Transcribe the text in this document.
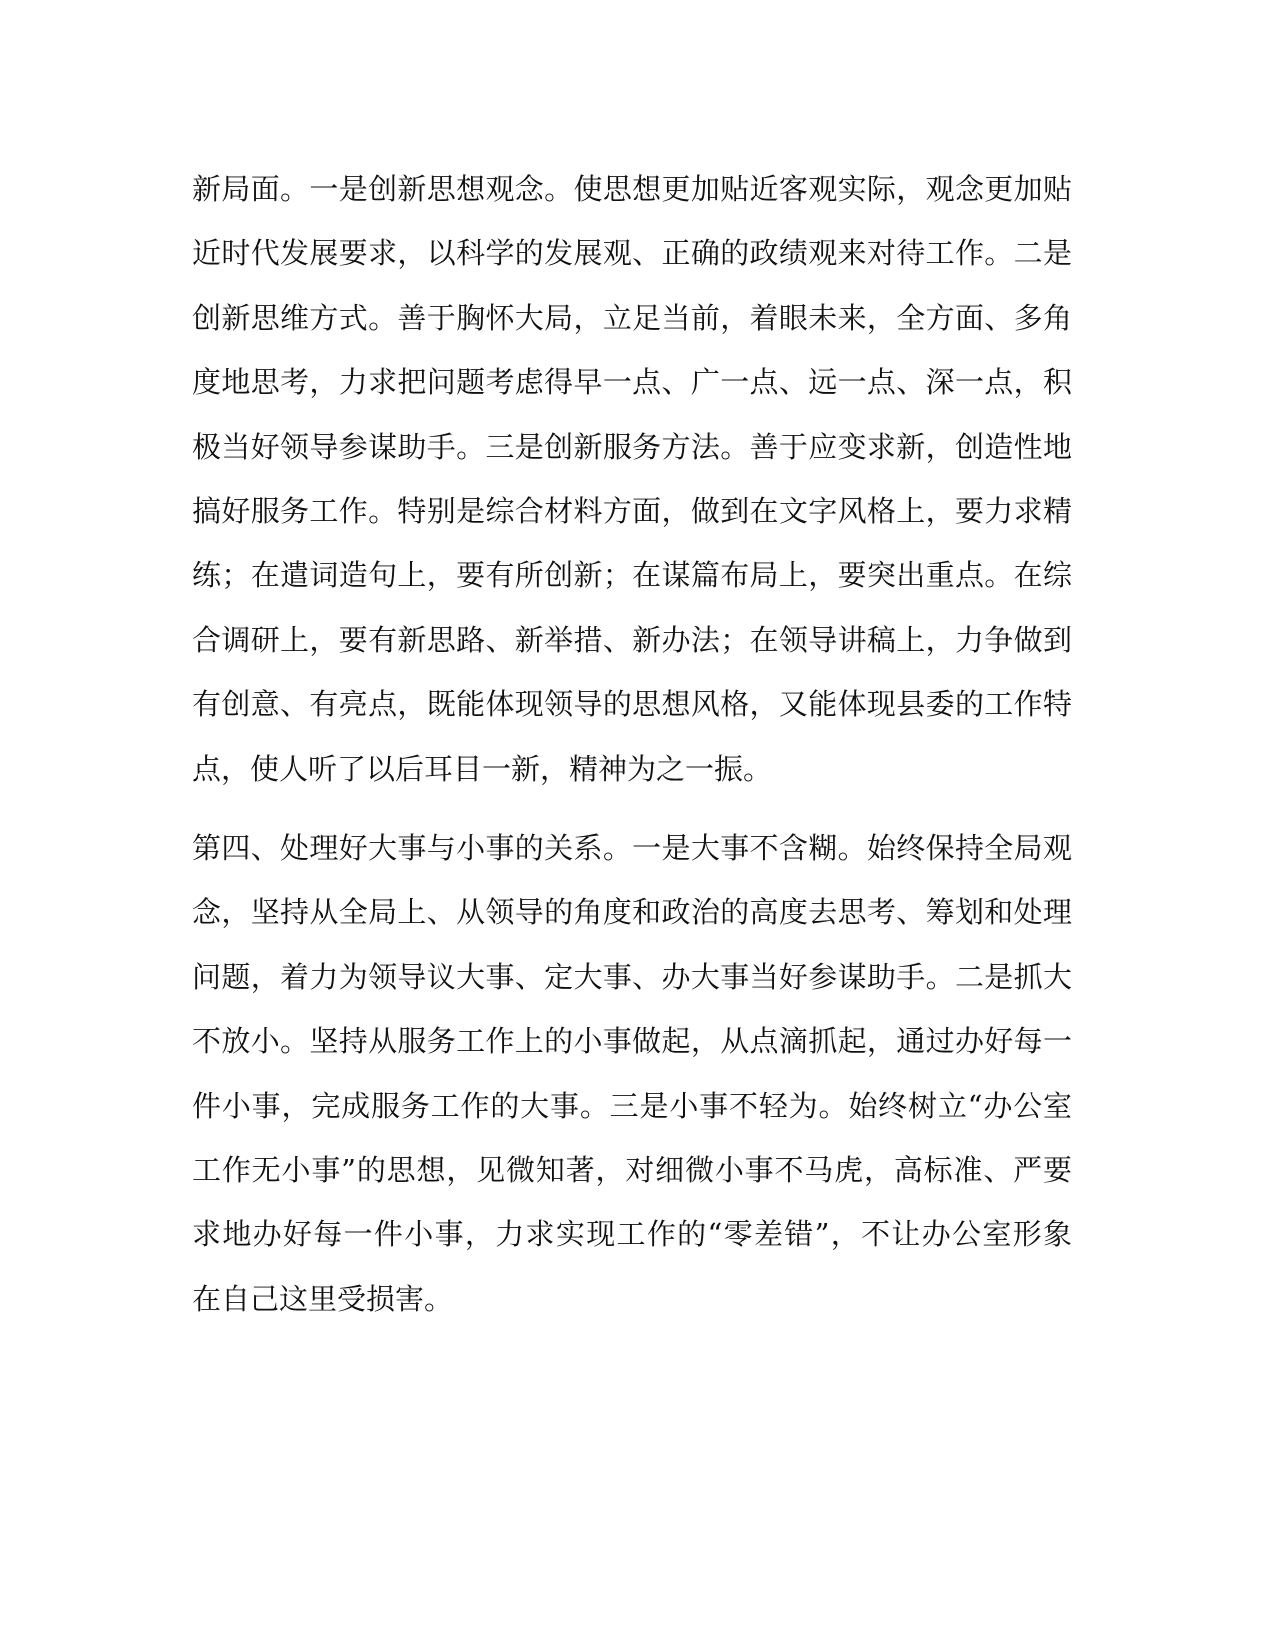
新局面。一是创新思想观念。使思想更加贴近客观实际，观念更加贴
近时代发展要求，以科学的发展观、正确的政绩观来对待工作。二是
创新思维方式。善于胸怀大局，立足当前，着眼未来，全方面、多角
度地思考，力求把问题考虑得早一点、广一点、远一点、深一点，积
极当好领导参谋助手。三是创新服务方法。善于应变求新，创造性地
搞好服务工作。特别是综合材料方面，做到在文字风格上，要力求精
练；在遣词造句上，要有所创新；在谋篇布局上，要突出重点。在综
合调研上，要有新思路、新举措、新办法；在领导讲稿上，力争做到
有创意、有亮点，既能体现领导的思想风格，又能体现县委的工作特
点，使人听了以后耳目一新，精神为之一振。
第四、处理好大事与小事的关系。一是大事不含糊。始终保持全局观
念，坚持从全局上、从领导的角度和政治的高度去思考、筹划和处理
问题，着力为领导议大事、定大事、办大事当好参谋助手。二是抓大
不放小。坚持从服务工作上的小事做起，从点滴抓起，通过办好每一
件小事，完成服务工作的大事。三是小事不轻为。始终树立“办公室
工作无小事”的思想，见微知著，对细微小事不马虎，高标准、严要
求地办好每一件小事，力求实现工作的“零差错”，不让办公室形象
在自己这里受损害。
